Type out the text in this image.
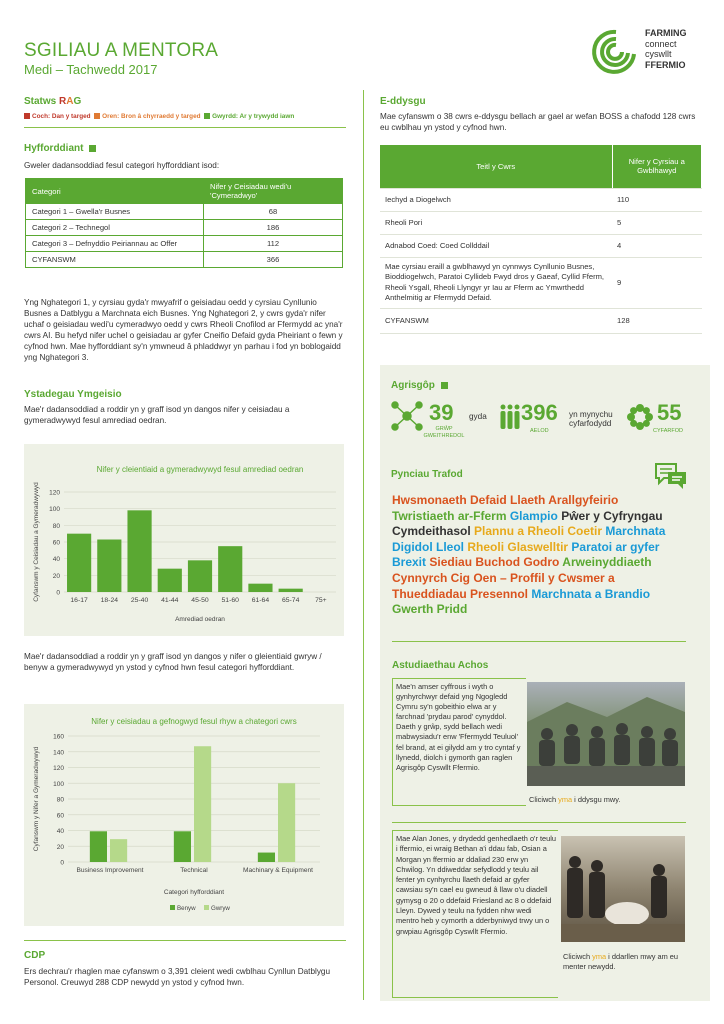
SGILIAU A MENTORA
Medi – Tachwedd 2017
FARMING
connect
cyswllt
FFERMIO
Statws RAG
Coch: Dan y targed Oren: Bron â chyrraedd y targed Gwyrdd: Ar y trywydd iawn
Hyfforddiant
Gweler dadansoddiad fesul categori hyfforddiant isod:
Categori	Nifer y Ceisiadau wedi'u 'Cymeradwyo'
Categori 1 – Gwella'r Busnes	68
Categori 2 – Technegol	186
Categori 3 – Defnyddio Peiriannau ac Offer	112
CYFANSWM	366
Yng Nghategori 1, y cyrsiau gyda'r mwyafrif o geisiadau oedd y cyrsiau Cynllunio Busnes a Datblygu a Marchnata eich Busnes. Yng Nghategori 2, y cwrs gyda'r nifer uchaf o geisiadau wedi'u cymeradwyo oedd y cwrs Rheoli Cnofilod ar Ffermydd ac yna'r cwrs AI. Bu hefyd nifer uchel o geisiadau ar gyfer Cneifio Defaid gyda Pheiriant o fewn y cyfnod hwn. Mae hyfforddiant sy'n ymwneud â phladdwyr yn parhau i fod yn boblogaidd yng Nghategori 3.
Ystadegau Ymgeisio
Mae'r dadansoddiad a roddir yn y graff isod yn dangos nifer y ceisiadau a gymeradwywyd fesul amrediad oedran.
Nifer y cleientiaid a gymeradwywyd fesul amrediad oedran
0
20
40
60
80
100
120
16-17 18-24 25-40 41-44 45-50 51-60 61-64 65-74 75+
Amrediad oedran
Cyfanswm y Ceisiadau a Gymeradwywyd
Mae'r dadansoddiad a roddir yn y graff isod yn dangos y nifer o gleientiaid gwryw / benyw a gymeradwywyd yn ystod y cyfnod hwn fesul categori hyfforddiant.
Nifer y ceisiadau a gefnogwyd fesul rhyw a chategori cwrs
0
20
40
60
80
100
120
140
160
Business Improvement	Technical	Machinary & Equipment
Categori hyfforddiant
Cyfanswm y Nifer a Gymeradwywyd
Benyw Gwryw
CDP
Ers dechrau'r rhaglen mae cyfanswm o 3,391 cleient wedi cwblhau Cynllun Datblygu Personol. Creuwyd 288 CDP newydd yn ystod y cyfnod hwn.
E-ddysgu
Mae cyfanswm o 38 cwrs e-ddysgu bellach ar gael ar wefan BOSS a chafodd 128 cwrs eu cwblhau yn ystod y cyfnod hwn.
Teitl y Cwrs	Nifer y Cyrsiau a Gwblhawyd
Iechyd a Diogelwch	110
Rheoli Pori	5
Adnabod Coed: Coed Collddail	4
Mae cyrsiau eraill a gwblhawyd yn cynnwys Cynllunio Busnes, Bioddiogelwch, Paratoi Cyllideb Fwyd dros y Gaeaf, Cyllid Fferm, Rheoli Ysgall, Rheoli Llyngyr yr Iau ar Fferm ac Ymwrthedd Anthelmitig ar Ffermydd Defaid.	9
CYFANSWM	128
Agrisgôp
39
GRŴP GWEITHREDOL
gyda 396
AELOD
yn mynychu cyfarfodydd	55
CYFARFOD
Pynciau Trafod
Hwsmonaeth Defaid Llaeth Arallgyfeirio
Twristiaeth ar-Fferm Glampio Pŵer y Cyfryngau
Cymdeithasol Plannu a Rheoli Coetir Marchnata
Digidol Lleol Rheoli Glaswelltir Paratoi ar gyfer
Brexit Siediau Buchod Godro Arweinyddiaeth
Cynnyrch Cig Oen – Proffil y Cwsmer a
Thueddiadau Presennol Marchnata a Brandio
Gwerth Pridd
Astudiaethau Achos
Mae'n amser cyffrous i wyth o gynhyrchwyr defaid yng Ngogledd Cymru sy'n gobeithio elwa ar y farchnad 'prydau parod' cynyddol. Daeth y grŵp, sydd bellach wedi mabwysiadu'r enw 'Ffermydd Teuluol' fel brand, at ei gilydd am y tro cyntaf y llynedd, diolch i gymorth gan raglen Agrisgôp Cyswllt Ffermio.
Cliciwch yma i ddysgu mwy.
Mae Alan Jones, y drydedd genhedlaeth o'r teulu i ffermio, ei wraig Bethan a'i ddau fab, Osian a Morgan yn ffermio ar ddaliad 230 erw yn Chwilog. Yn ddiweddar sefydlodd y teulu ail fenter yn cynhyrchu llaeth defaid ar gyfer cawsiau sy'n cael eu gwneud â llaw o'u diadell gymysg o 20 o ddefaid Friesland ac 8 o ddefaid Lleyn. Dywed y teulu na fydden nhw wedi mentro heb y cymorth a dderbyniwyd trwy un o grwpiau Agrisgôp Cyswllt Ffermio.
Cliciwch yma i ddarllen mwy am eu menter newydd.
